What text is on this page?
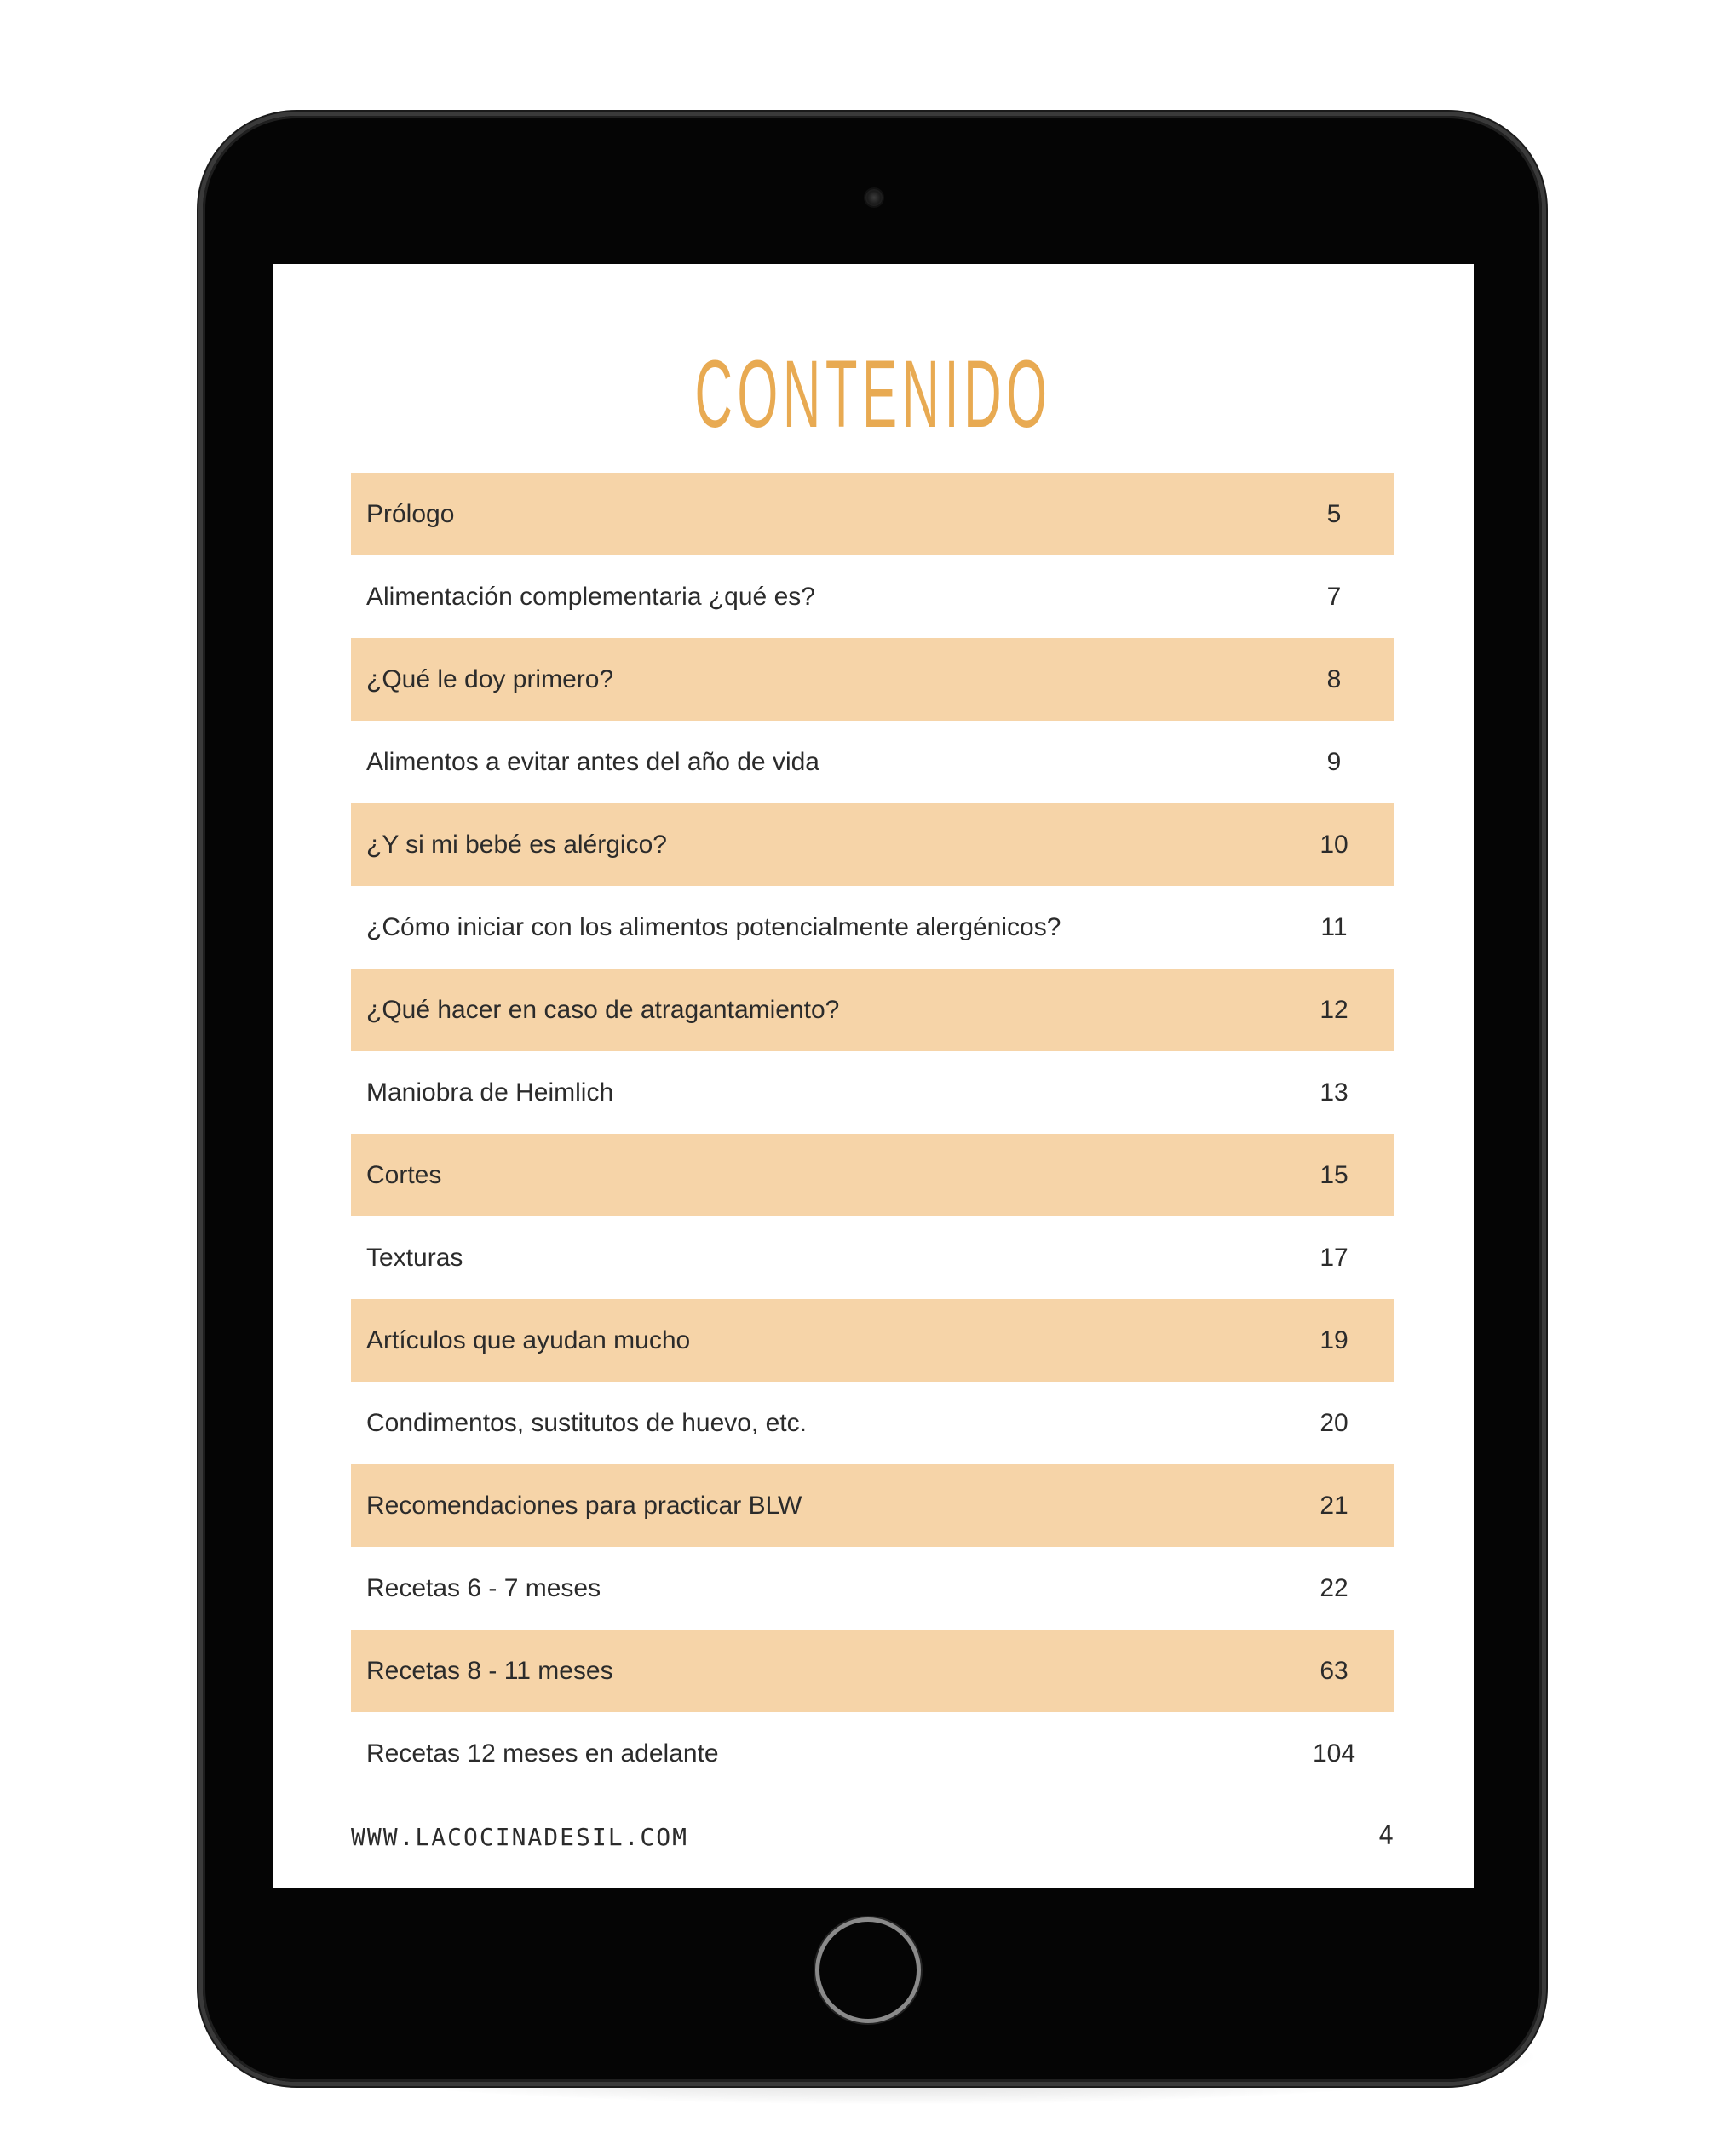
CONTENIDO
Prólogo	5
Alimentación complementaria ¿qué es?	7
¿Qué le doy primero?	8
Alimentos a evitar antes del año de vida	9
¿Y si mi bebé es alérgico?	10
¿Cómo iniciar con los alimentos potencialmente alergénicos?	11
¿Qué hacer en caso de atragantamiento?	12
Maniobra de Heimlich	13
Cortes	15
Texturas	17
Artículos que ayudan mucho	19
Condimentos, sustitutos de huevo, etc.	20
Recomendaciones para practicar BLW	21
Recetas 6 - 7 meses	22
Recetas 8 - 11 meses	63
Recetas 12 meses en adelante	104
WWW.LACOCINADESIL.COM	4
